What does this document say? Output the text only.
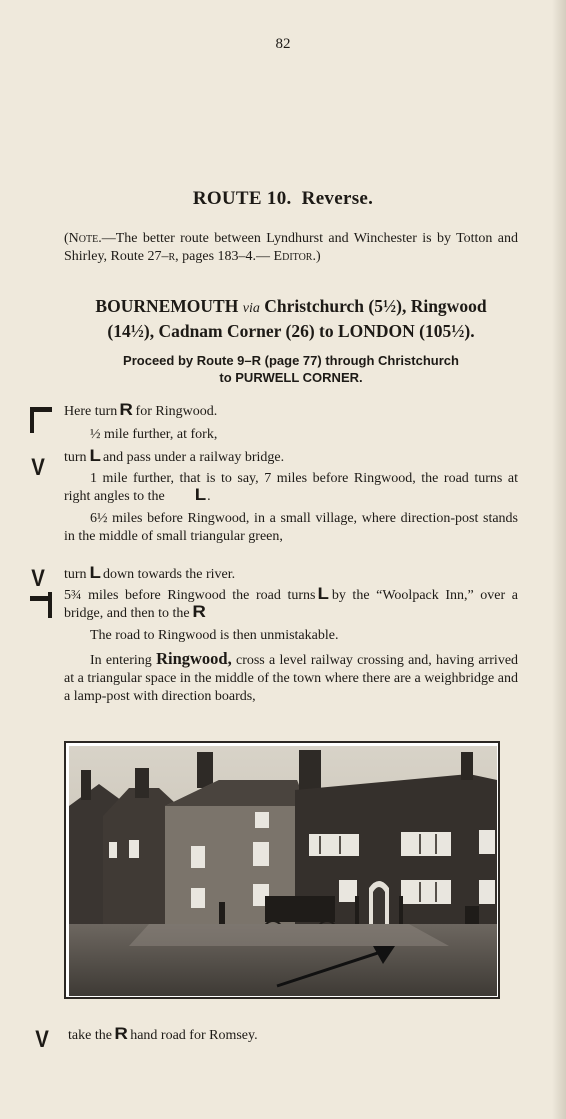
82
ROUTE 10.  Reverse.
(Note.—The better route between Lyndhurst and Winchester is by Totton and Shirley, Route 27–r, pages 183–4.— Editor.)
BOURNEMOUTH via Christchurch (5½), Ringwood
(14½), Cadnam Corner (26) to LONDON (105½).
Proceed by Route 9–R (page 77) through Christchurch
to PURWELL CORNER.
V
V
V
Here turn R for Ringwood.
½ mile further, at fork,
turn L and pass under a railway bridge.
1 mile further, that is to say, 7 miles before Ringwood, the road turns at right angles to the L.
6½ miles before Ringwood, in a small village, where direction-post stands in the middle of small triangular green,
turn L down towards the river.
5¾ miles before Ringwood the road turns L by the “Woolpack Inn,” over a bridge, and then to the R
The road to Ringwood is then unmistakable.
In entering Ringwood, cross a level railway crossing and, having arrived at a triangular space in the middle of the town where there are a weighbridge and a lamp-post with direction boards,
take the R hand road for Romsey.
